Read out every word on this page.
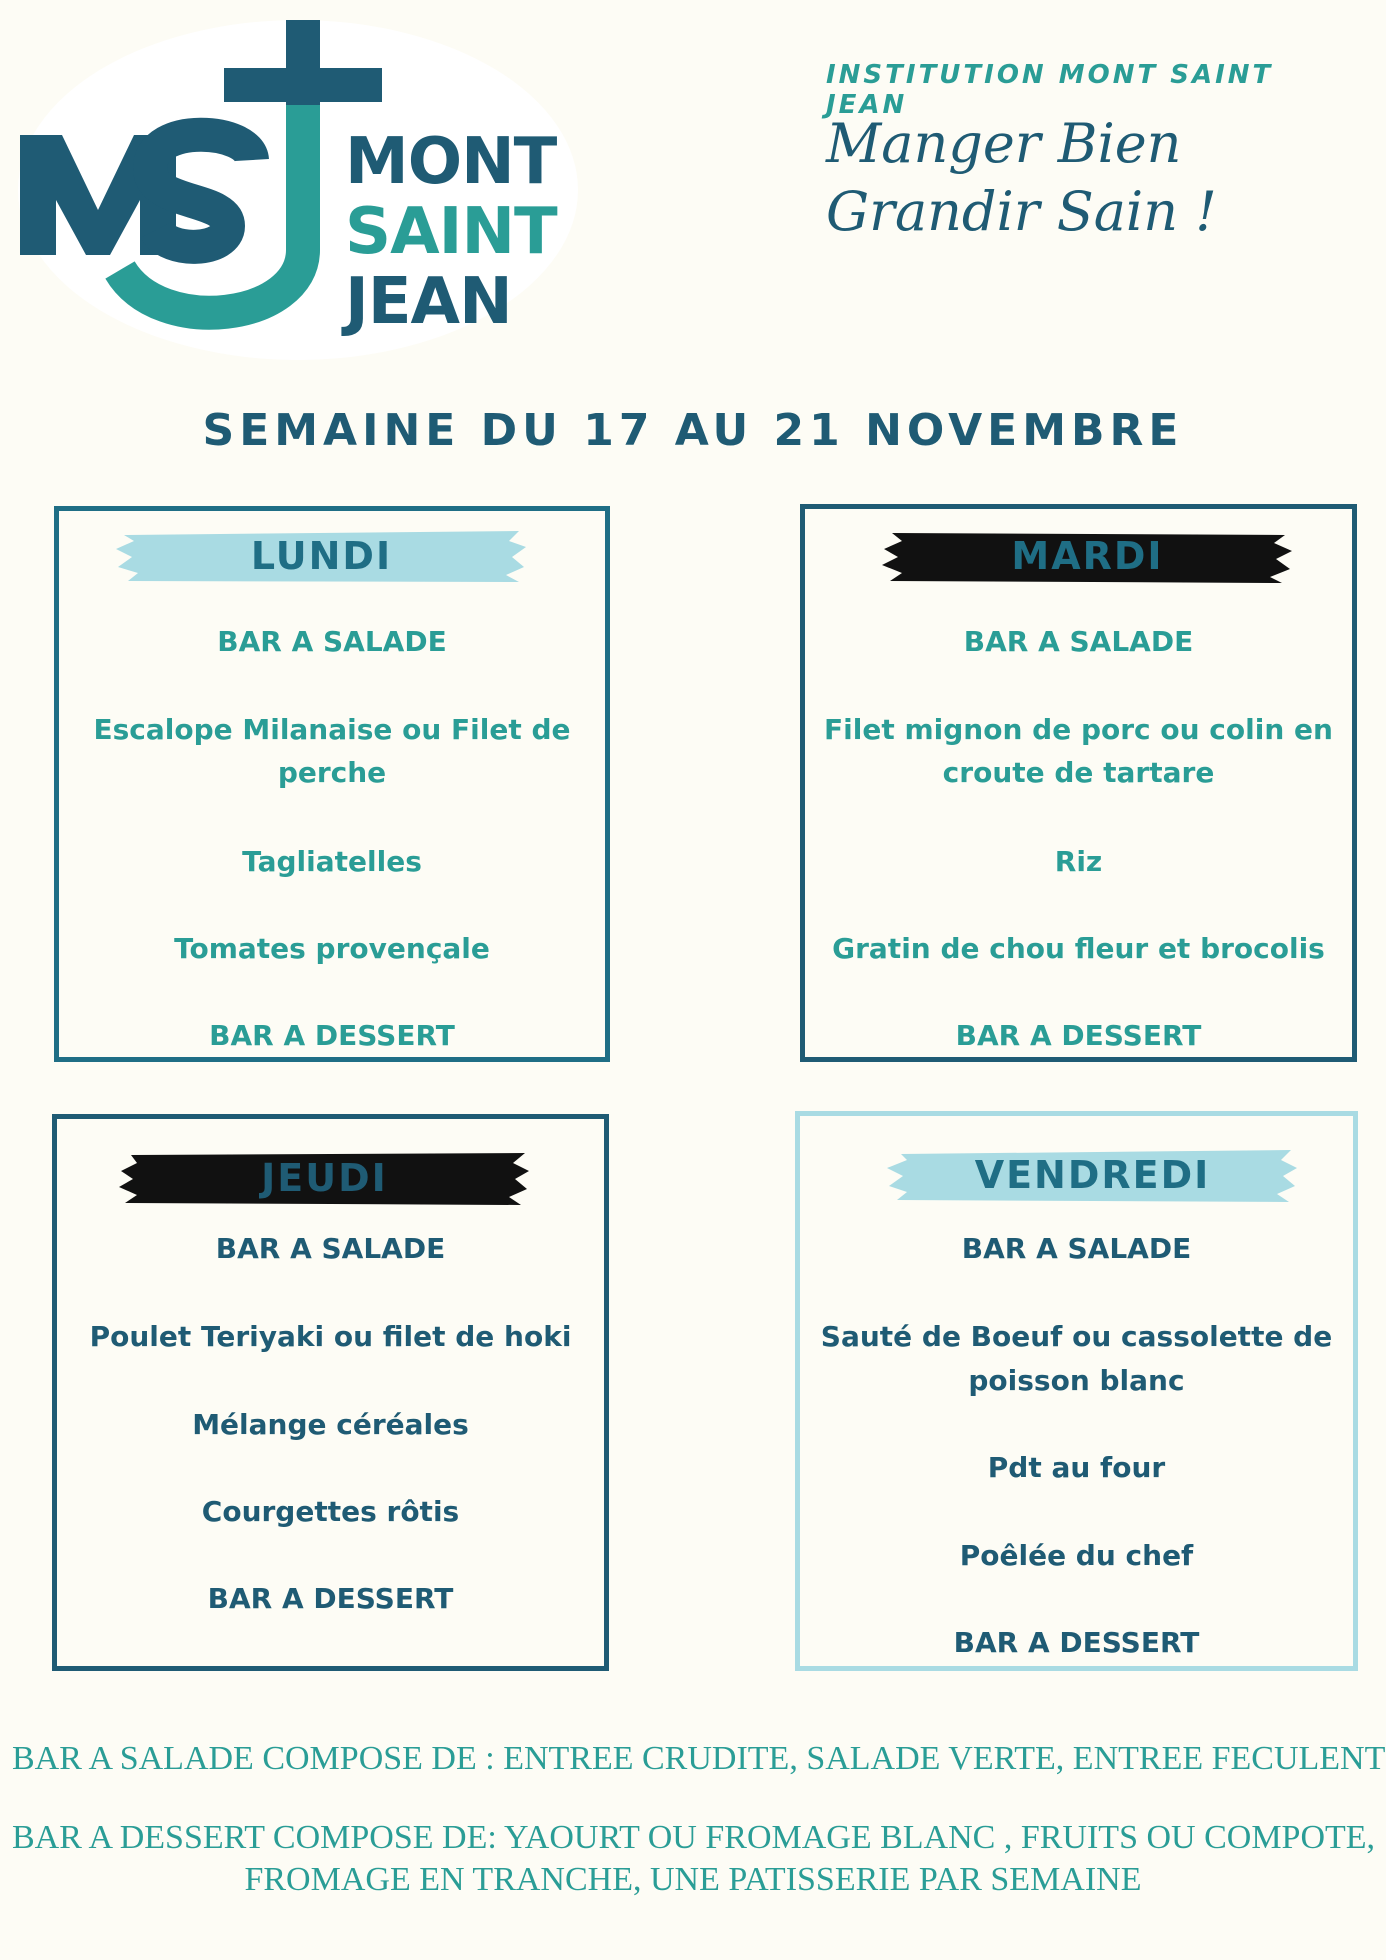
MONT
SAINT
JEAN
INSTITUTION MONT SAINT JEAN
Manger Bien
Grandir Sain !
SEMAINE DU 17 AU 21 NOVEMBRE
LUNDI
BAR A SALADE
Escalope Milanaise ou Filet de
perche
Tagliatelles
Tomates provençale
BAR A DESSERT
MARDI
BAR A SALADE
Filet mignon de porc ou colin en
croute de tartare
Riz
Gratin de chou fleur et brocolis
BAR A DESSERT
JEUDI
BAR A SALADE
Poulet Teriyaki ou filet de hoki
Mélange céréales
Courgettes rôtis
BAR A DESSERT
VENDREDI
BAR A SALADE
Sauté de Boeuf ou cassolette de
poisson blanc
Pdt au four
Poêlée du chef
BAR A DESSERT
BAR A SALADE COMPOSE DE : ENTREE CRUDITE, SALADE VERTE, ENTREE FECULENT
BAR A DESSERT COMPOSE DE: YAOURT OU FROMAGE BLANC , FRUITS OU COMPOTE,
FROMAGE EN TRANCHE, UNE PATISSERIE PAR SEMAINE
